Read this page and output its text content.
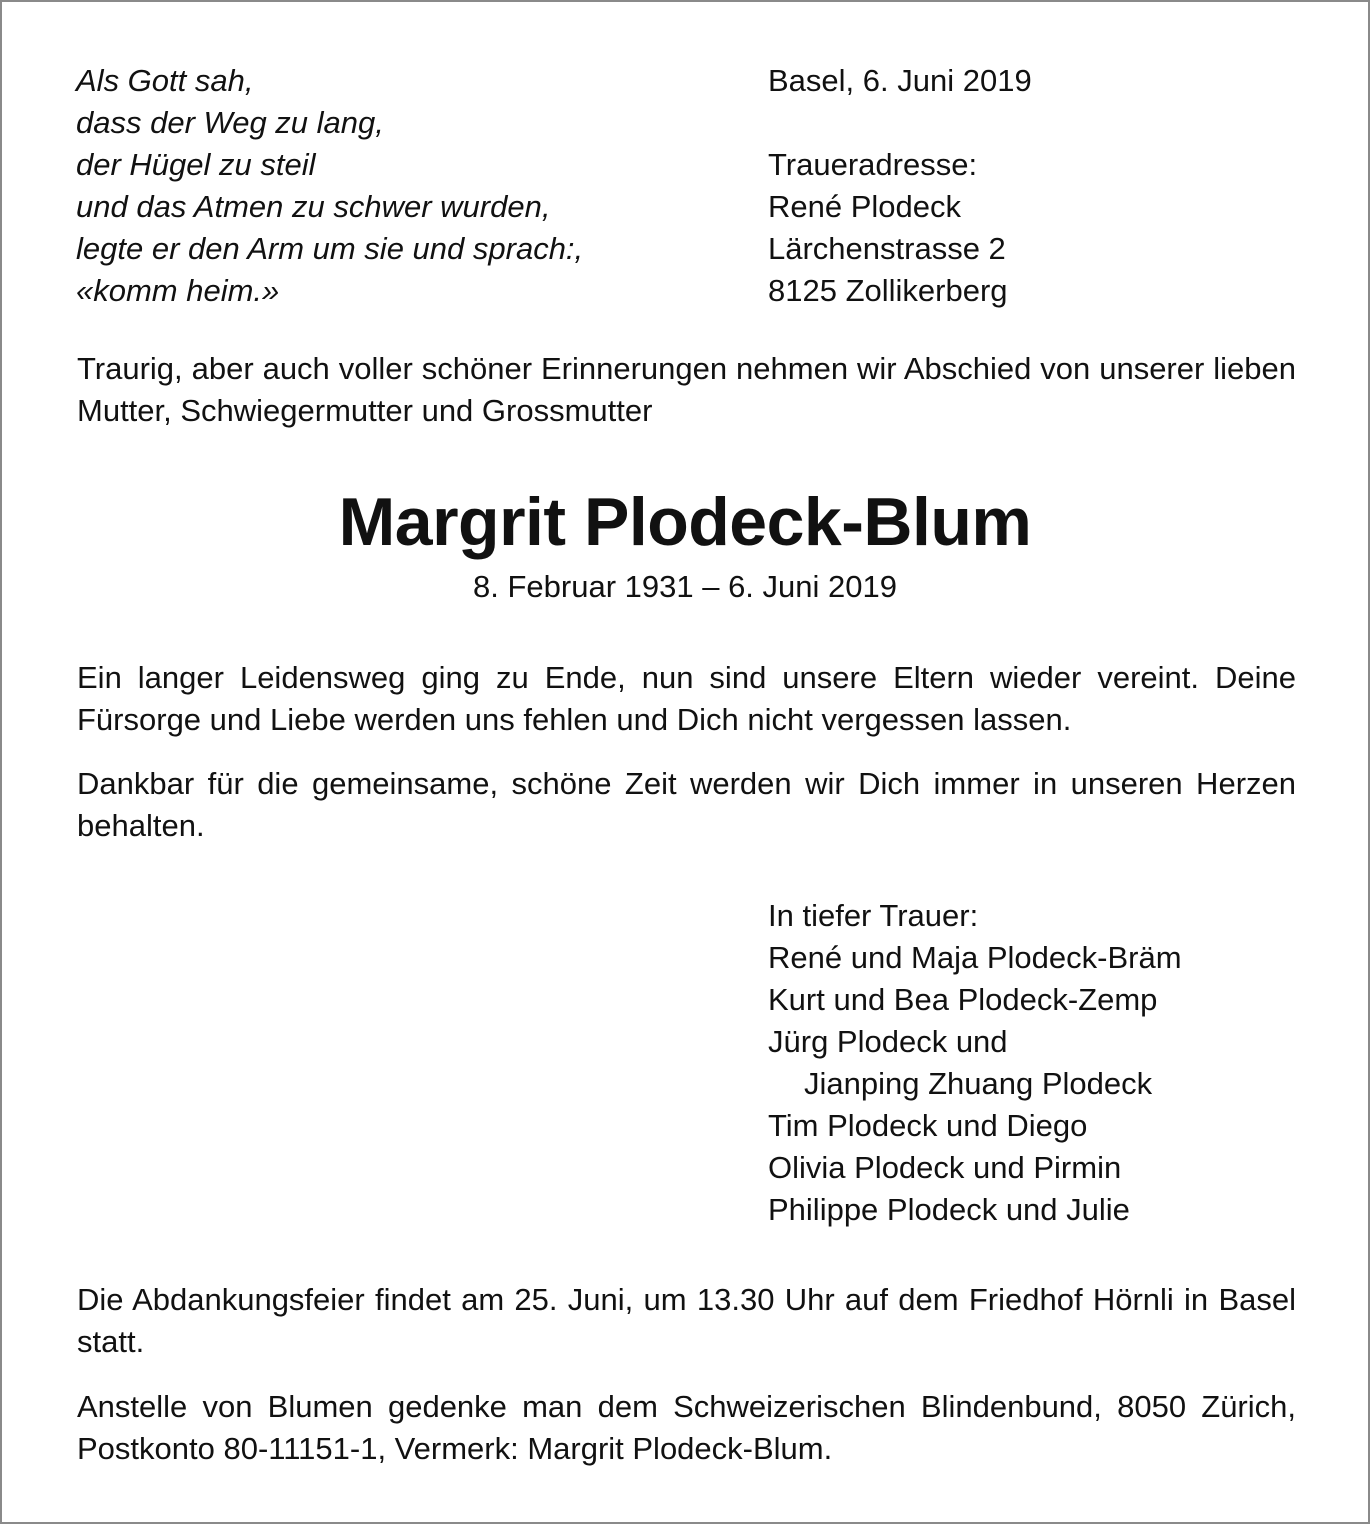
Als Gott sah,
dass der Weg zu lang,
der Hügel zu steil
und das Atmen zu schwer wurden,
legte er den Arm um sie und sprach:,
«komm heim.»
Basel, 6. Juni 2019
Traueradresse:
René Plodeck
Lärchenstrasse 2
8125 Zollikerberg
Traurig, aber auch voller schöner Erinnerungen nehmen wir Abschied von unserer lieben Mutter, Schwiegermutter und Grossmutter
Margrit Plodeck-Blum
8. Februar 1931 – 6. Juni 2019
Ein langer Leidensweg ging zu Ende, nun sind unsere Eltern wieder vereint. Deine Fürsorge und Liebe werden uns fehlen und Dich nicht vergessen lassen.
Dankbar für die gemeinsame, schöne Zeit werden wir Dich immer in unseren Herzen behalten.
In tiefer Trauer:
René und Maja Plodeck-Bräm
Kurt und Bea Plodeck-Zemp
Jürg Plodeck und
Jianping Zhuang Plodeck
Tim Plodeck und Diego
Olivia Plodeck und Pirmin
Philippe Plodeck und Julie
Die Abdankungsfeier findet am 25. Juni, um 13.30 Uhr auf dem Friedhof Hörnli in Basel statt.
Anstelle von Blumen gedenke man dem Schweizerischen Blindenbund, 8050 Zürich, Postkonto 80-11151-1, Vermerk: Margrit Plodeck-Blum.
